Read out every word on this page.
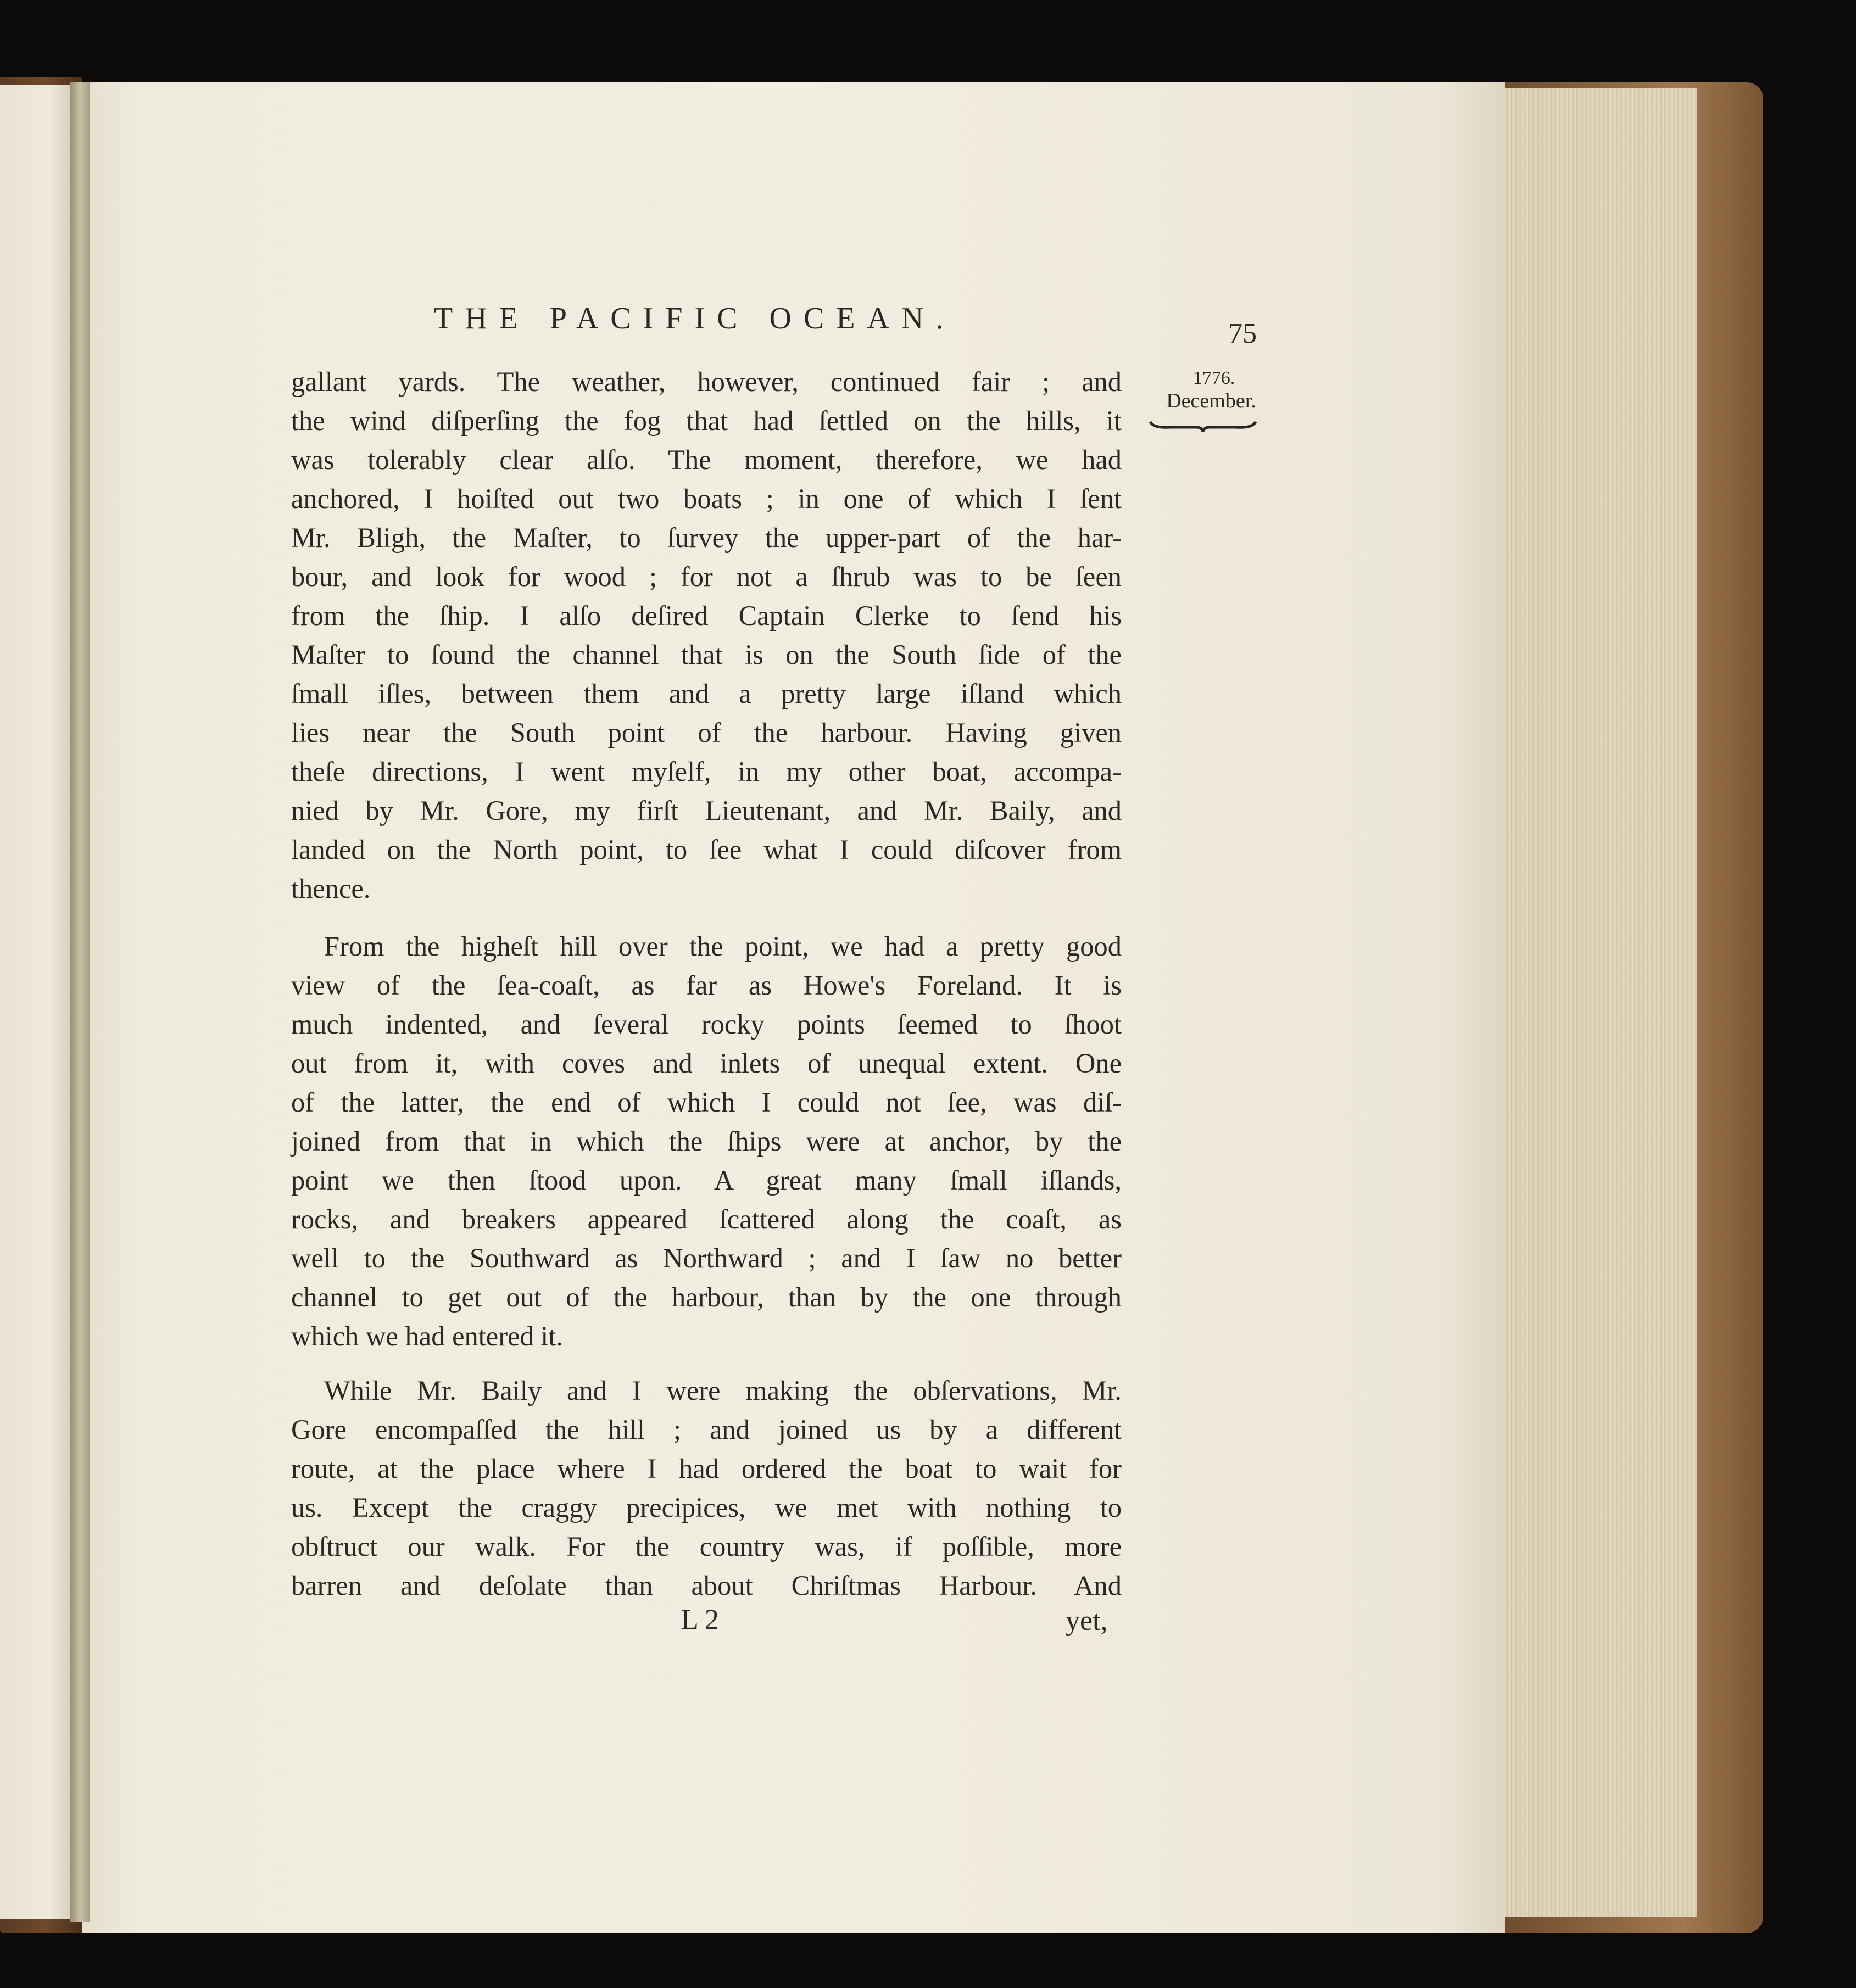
THE PACIFIC OCEAN.	75
1776.
December.
gallant yards. The weather, however, continued fair ; and
the wind diſperſing the fog that had ſettled on the hills, it
was tolerably clear alſo. The moment, therefore, we had
anchored, I hoiſted out two boats ; in one of which I ſent
Mr. Bligh, the Maſter, to ſurvey the upper-part of the har-
bour, and look for wood ; for not a ſhrub was to be ſeen
from the ſhip. I alſo deſired Captain Clerke to ſend his
Maſter to ſound the channel that is on the South ſide of the
ſmall iſles, between them and a pretty large iſland which
lies near the South point of the harbour. Having given
theſe directions, I went myſelf, in my other boat, accompa-
nied by Mr. Gore, my firſt Lieutenant, and Mr. Baily, and
landed on the North point, to ſee what I could diſcover from
thence.
From the higheſt hill over the point, we had a pretty good
view of the ſea-coaſt, as far as Howe's Foreland. It is
much indented, and ſeveral rocky points ſeemed to ſhoot
out from it, with coves and inlets of unequal extent. One
of the latter, the end of which I could not ſee, was diſ-
joined from that in which the ſhips were at anchor, by the
point we then ſtood upon. A great many ſmall iſlands,
rocks, and breakers appeared ſcattered along the coaſt, as
well to the Southward as Northward ; and I ſaw no better
channel to get out of the harbour, than by the one through
which we had entered it.
While Mr. Baily and I were making the obſervations, Mr.
Gore encompaſſed the hill ; and joined us by a different
route, at the place where I had ordered the boat to wait for
us. Except the craggy precipices, we met with nothing to
obſtruct our walk. For the country was, if poſſible, more
barren and deſolate than about Chriſtmas Harbour. And
L 2	yet,
